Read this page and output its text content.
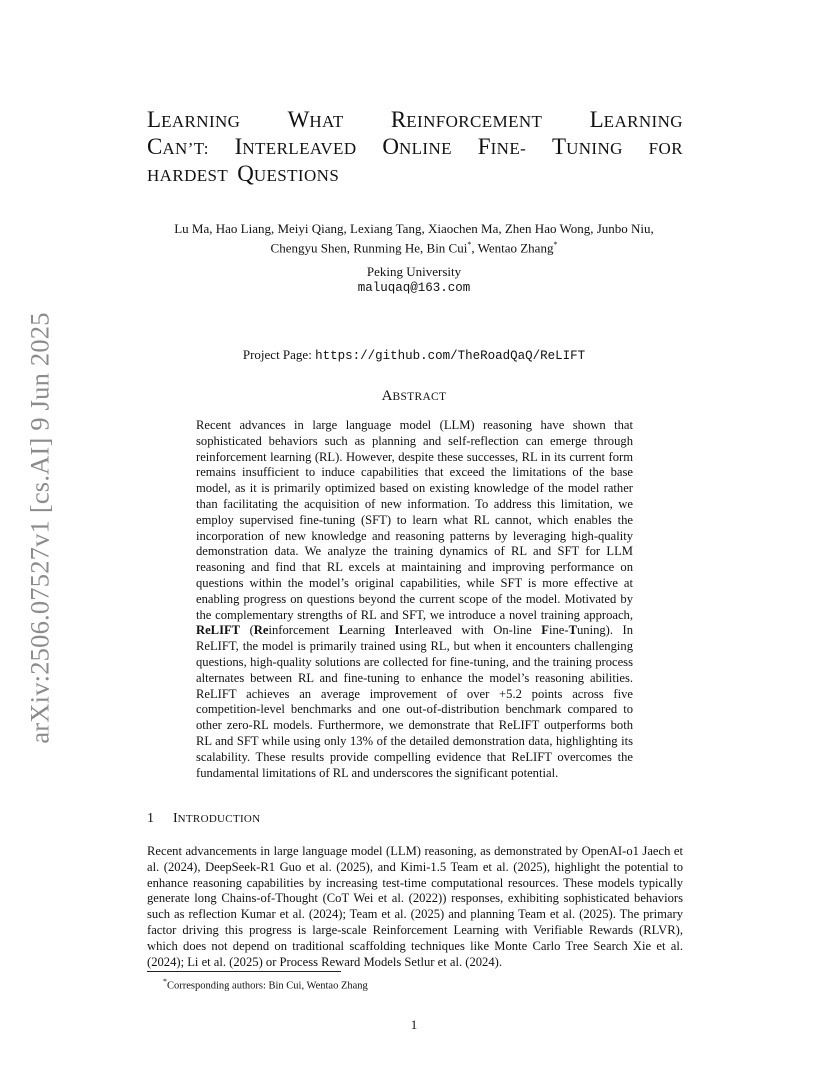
arXiv:2506.07527v1 [cs.AI] 9 Jun 2025
LEARNING WHAT REINFORCEMENT LEARNING
CAN’T: INTERLEAVED ONLINE FINE- TUNING FOR
HARDEST QUESTIONS
Lu Ma, Hao Liang, Meiyi Qiang, Lexiang Tang, Xiaochen Ma, Zhen Hao Wong, Junbo Niu,
Chengyu Shen, Runming He, Bin Cui*, Wentao Zhang*
Peking University
maluqaq@163.com
Project Page: https://github.com/TheRoadQaQ/ReLIFT
ABSTRACT
Recent advances in large language model (LLM) reasoning have shown that sophisticated behaviors such as planning and self-reflection can emerge through reinforcement learning (RL). However, despite these successes, RL in its current form remains insufficient to induce capabilities that exceed the limitations of the base model, as it is primarily optimized based on existing knowledge of the model rather than facilitating the acquisition of new information. To address this limitation, we employ supervised fine-tuning (SFT) to learn what RL cannot, which enables the incorporation of new knowledge and reasoning patterns by leveraging high-quality demonstration data. We analyze the training dynamics of RL and SFT for LLM reasoning and find that RL excels at maintaining and improving performance on questions within the model’s original capabilities, while SFT is more effective at enabling progress on questions beyond the current scope of the model. Motivated by the complementary strengths of RL and SFT, we introduce a novel training approach, ReLIFT (Reinforcement Learning Interleaved with On-line Fine-Tuning). In ReLIFT, the model is primarily trained using RL, but when it encounters challenging questions, high-quality solutions are collected for fine-tuning, and the training process alternates between RL and fine-tuning to enhance the model’s reasoning abilities. ReLIFT achieves an average improvement of over +5.2 points across five competition-level benchmarks and one out-of-distribution benchmark compared to other zero-RL models. Furthermore, we demonstrate that ReLIFT outperforms both RL and SFT while using only 13% of the detailed demonstration data, highlighting its scalability. These results provide compelling evidence that ReLIFT overcomes the fundamental limitations of RL and underscores the significant potential.
1 INTRODUCTION
Recent advancements in large language model (LLM) reasoning, as demonstrated by OpenAI-o1 Jaech et al. (2024), DeepSeek-R1 Guo et al. (2025), and Kimi-1.5 Team et al. (2025), highlight the potential to enhance reasoning capabilities by increasing test-time computational resources. These models typically generate long Chains-of-Thought (CoT Wei et al. (2022)) responses, exhibiting sophisticated behaviors such as reflection Kumar et al. (2024); Team et al. (2025) and planning Team et al. (2025). The primary factor driving this progress is large-scale Reinforcement Learning with Verifiable Rewards (RLVR), which does not depend on traditional scaffolding techniques like Monte Carlo Tree Search Xie et al. (2024); Li et al. (2025) or Process Reward Models Setlur et al. (2024).
*Corresponding authors: Bin Cui, Wentao Zhang
1
